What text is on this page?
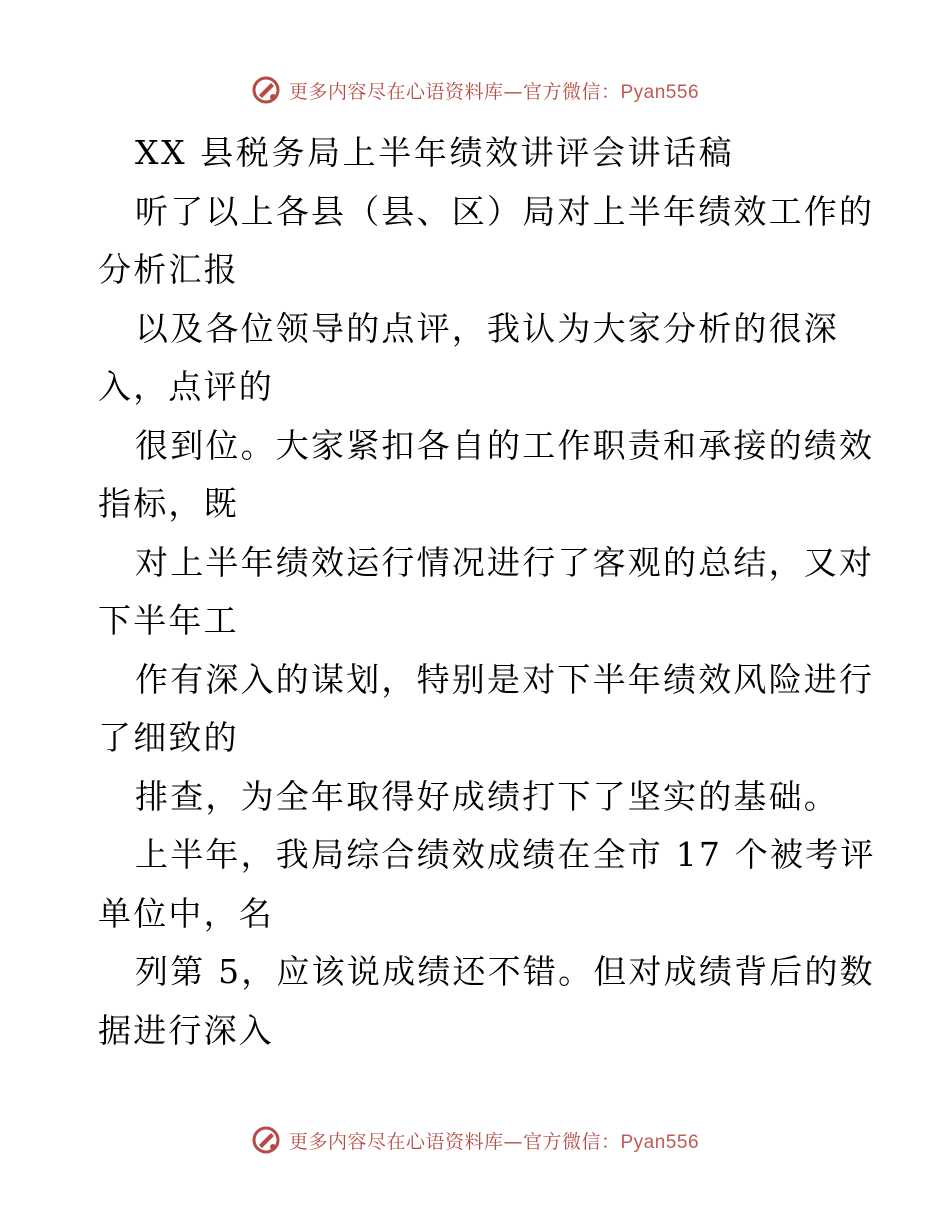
更多内容尽在心语资料库—官方微信：Pyan556
XX 县税务局上半年绩效讲评会讲话稿
听了以上各县（县、区）局对上半年绩效工作的
分析汇报
以及各位领导的点评，我认为大家分析的很深
入，点评的
很到位。大家紧扣各自的工作职责和承接的绩效
指标，既
对上半年绩效运行情况进行了客观的总结，又对
下半年工
作有深入的谋划，特别是对下半年绩效风险进行
了细致的
排查，为全年取得好成绩打下了坚实的基础。
上半年，我局综合绩效成绩在全市 17 个被考评
单位中，名
列第 5，应该说成绩还不错。但对成绩背后的数
据进行深入
更多内容尽在心语资料库—官方微信：Pyan556
